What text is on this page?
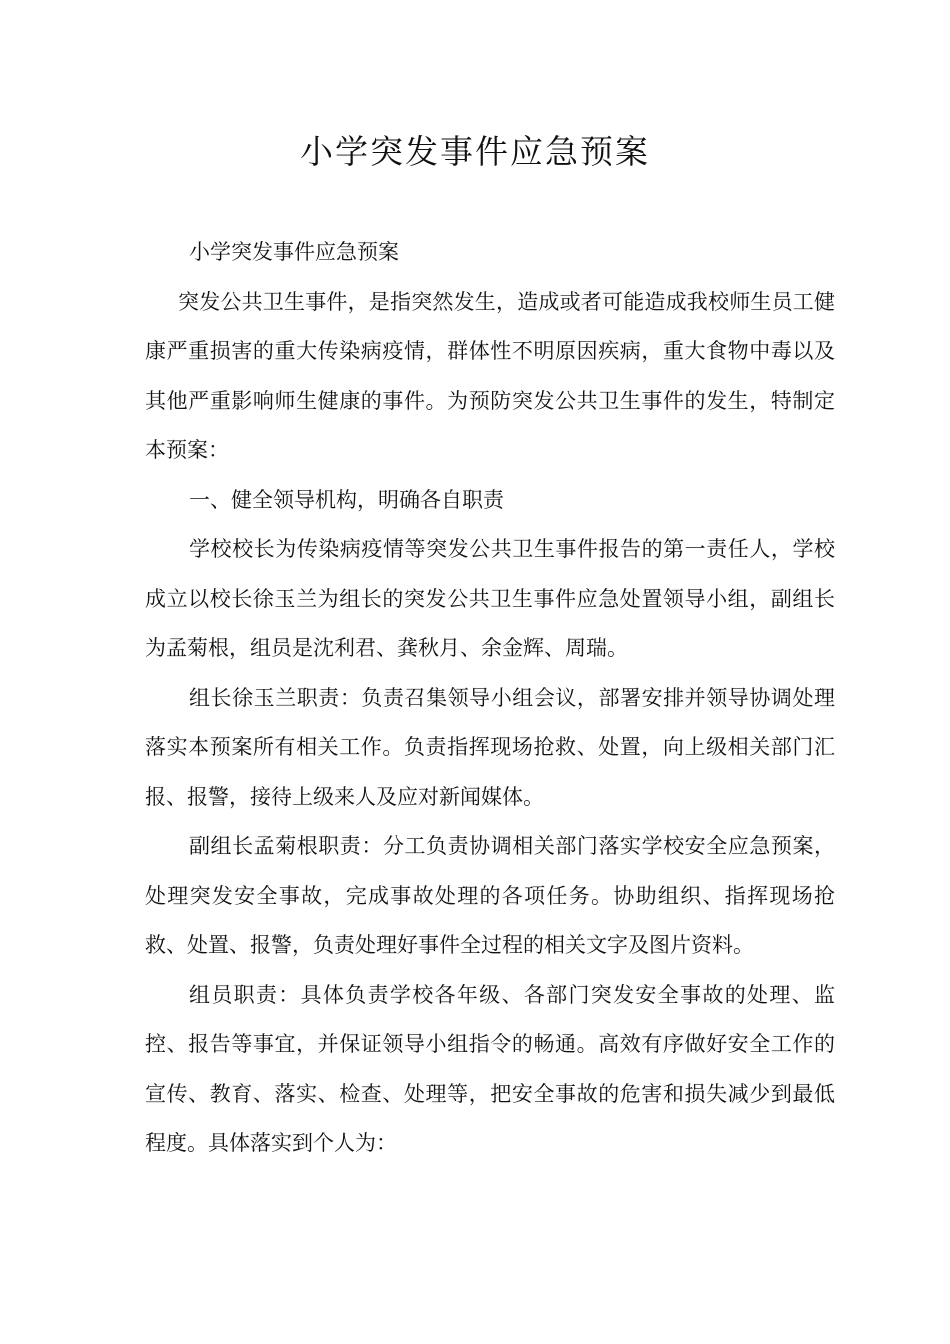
小学突发事件应急预案

小学突发事件应急预案

突发公共卫生事件，是指突然发生，造成或者可能造成我校师生员工健康严重损害的重大传染病疫情，群体性不明原因疾病，重大食物中毒以及其他严重影响师生健康的事件。为预防突发公共卫生事件的发生，特制定本预案：

一、健全领导机构，明确各自职责

学校校长为传染病疫情等突发公共卫生事件报告的第一责任人，学校成立以校长徐玉兰为组长的突发公共卫生事件应急处置领导小组，副组长为孟菊根，组员是沈利君、龚秋月、余金辉、周瑞。

组长徐玉兰职责：负责召集领导小组会议，部署安排并领导协调处理落实本预案所有相关工作。负责指挥现场抢救、处置，向上级相关部门汇报、报警，接待上级来人及应对新闻媒体。

副组长孟菊根职责：分工负责协调相关部门落实学校安全应急预案，处理突发安全事故，完成事故处理的各项任务。协助组织、指挥现场抢救、处置、报警，负责处理好事件全过程的相关文字及图片资料。

组员职责：具体负责学校各年级、各部门突发安全事故的处理、监控、报告等事宜，并保证领导小组指令的畅通。高效有序做好安全工作的宣传、教育、落实、检查、处理等，把安全事故的危害和损失减少到最低程度。具体落实到个人为：
